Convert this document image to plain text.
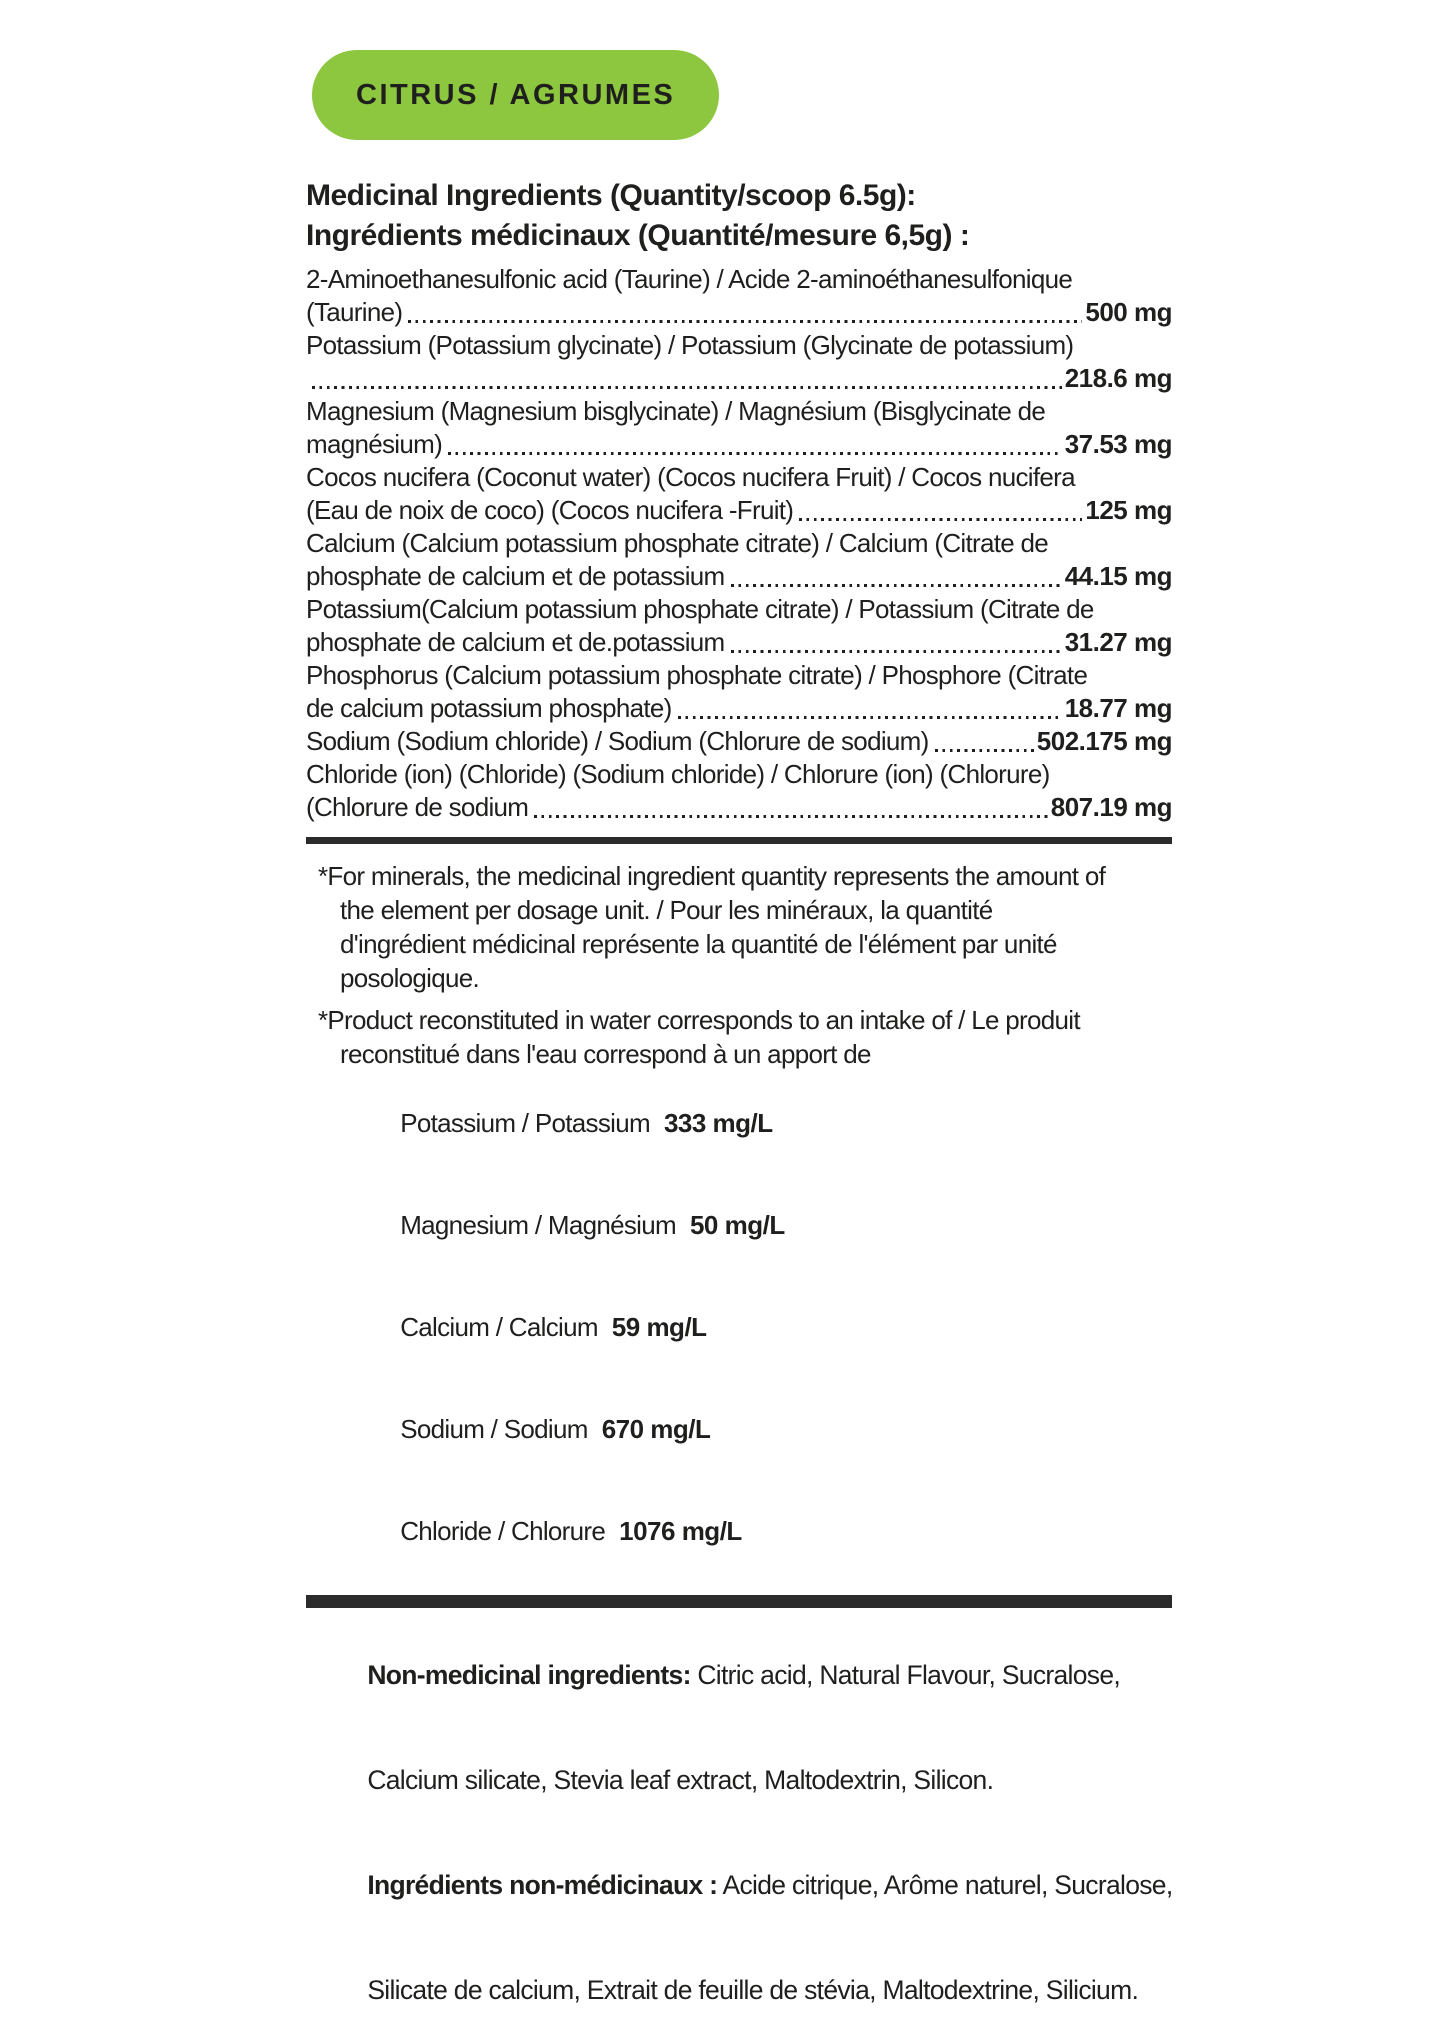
CITRUS / AGRUMES
Medicinal Ingredients (Quantity/scoop 6.5g):
Ingrédients médicinaux (Quantité/mesure 6,5g) :
2-Aminoethanesulfonic acid (Taurine) / Acide 2-aminoéthanesulfonique
(Taurine)	500 mg
Potassium (Potassium glycinate) / Potassium (Glycinate de potassium)
218.6 mg
Magnesium (Magnesium bisglycinate) / Magnésium (Bisglycinate de
magnésium)	37.53 mg
Cocos nucifera (Coconut water) (Cocos nucifera Fruit) / Cocos nucifera
(Eau de noix de coco) (Cocos nucifera -Fruit)	125 mg
Calcium (Calcium potassium phosphate citrate) / Calcium (Citrate de
phosphate de calcium et de potassium	44.15 mg
Potassium(Calcium potassium phosphate citrate) / Potassium (Citrate de
phosphate de calcium et de.potassium	31.27 mg
Phosphorus (Calcium potassium phosphate citrate) / Phosphore (Citrate
de calcium potassium phosphate)	18.77 mg
Sodium (Sodium chloride) / Sodium (Chlorure de sodium)	502.175 mg
Chloride (ion) (Chloride) (Sodium chloride) / Chlorure (ion) (Chlorure)
(Chlorure de sodium	807.19 mg
*For minerals, the medicinal ingredient quantity represents the amount of
the element per dosage unit. / Pour les minéraux, la quantité
d'ingrédient médicinal représente la quantité de l'élément par unité
posologique.
*Product reconstituted in water corresponds to an intake of / Le produit
reconstitué dans l'eau correspond à un apport de

Potassium / Potassium 333 mg/L

Magnesium / Magnésium 50 mg/L

Calcium / Calcium 59 mg/L

Sodium / Sodium 670 mg/L

Chloride / Chlorure 1076 mg/L

Non-medicinal ingredients: Citric acid, Natural Flavour, Sucralose,

Calcium silicate, Stevia leaf extract, Maltodextrin, Silicon.

Ingrédients non-médicinaux : Acide citrique, Arôme naturel, Sucralose,

Silicate de calcium, Extrait de feuille de stévia, Maltodextrine, Silicium.
